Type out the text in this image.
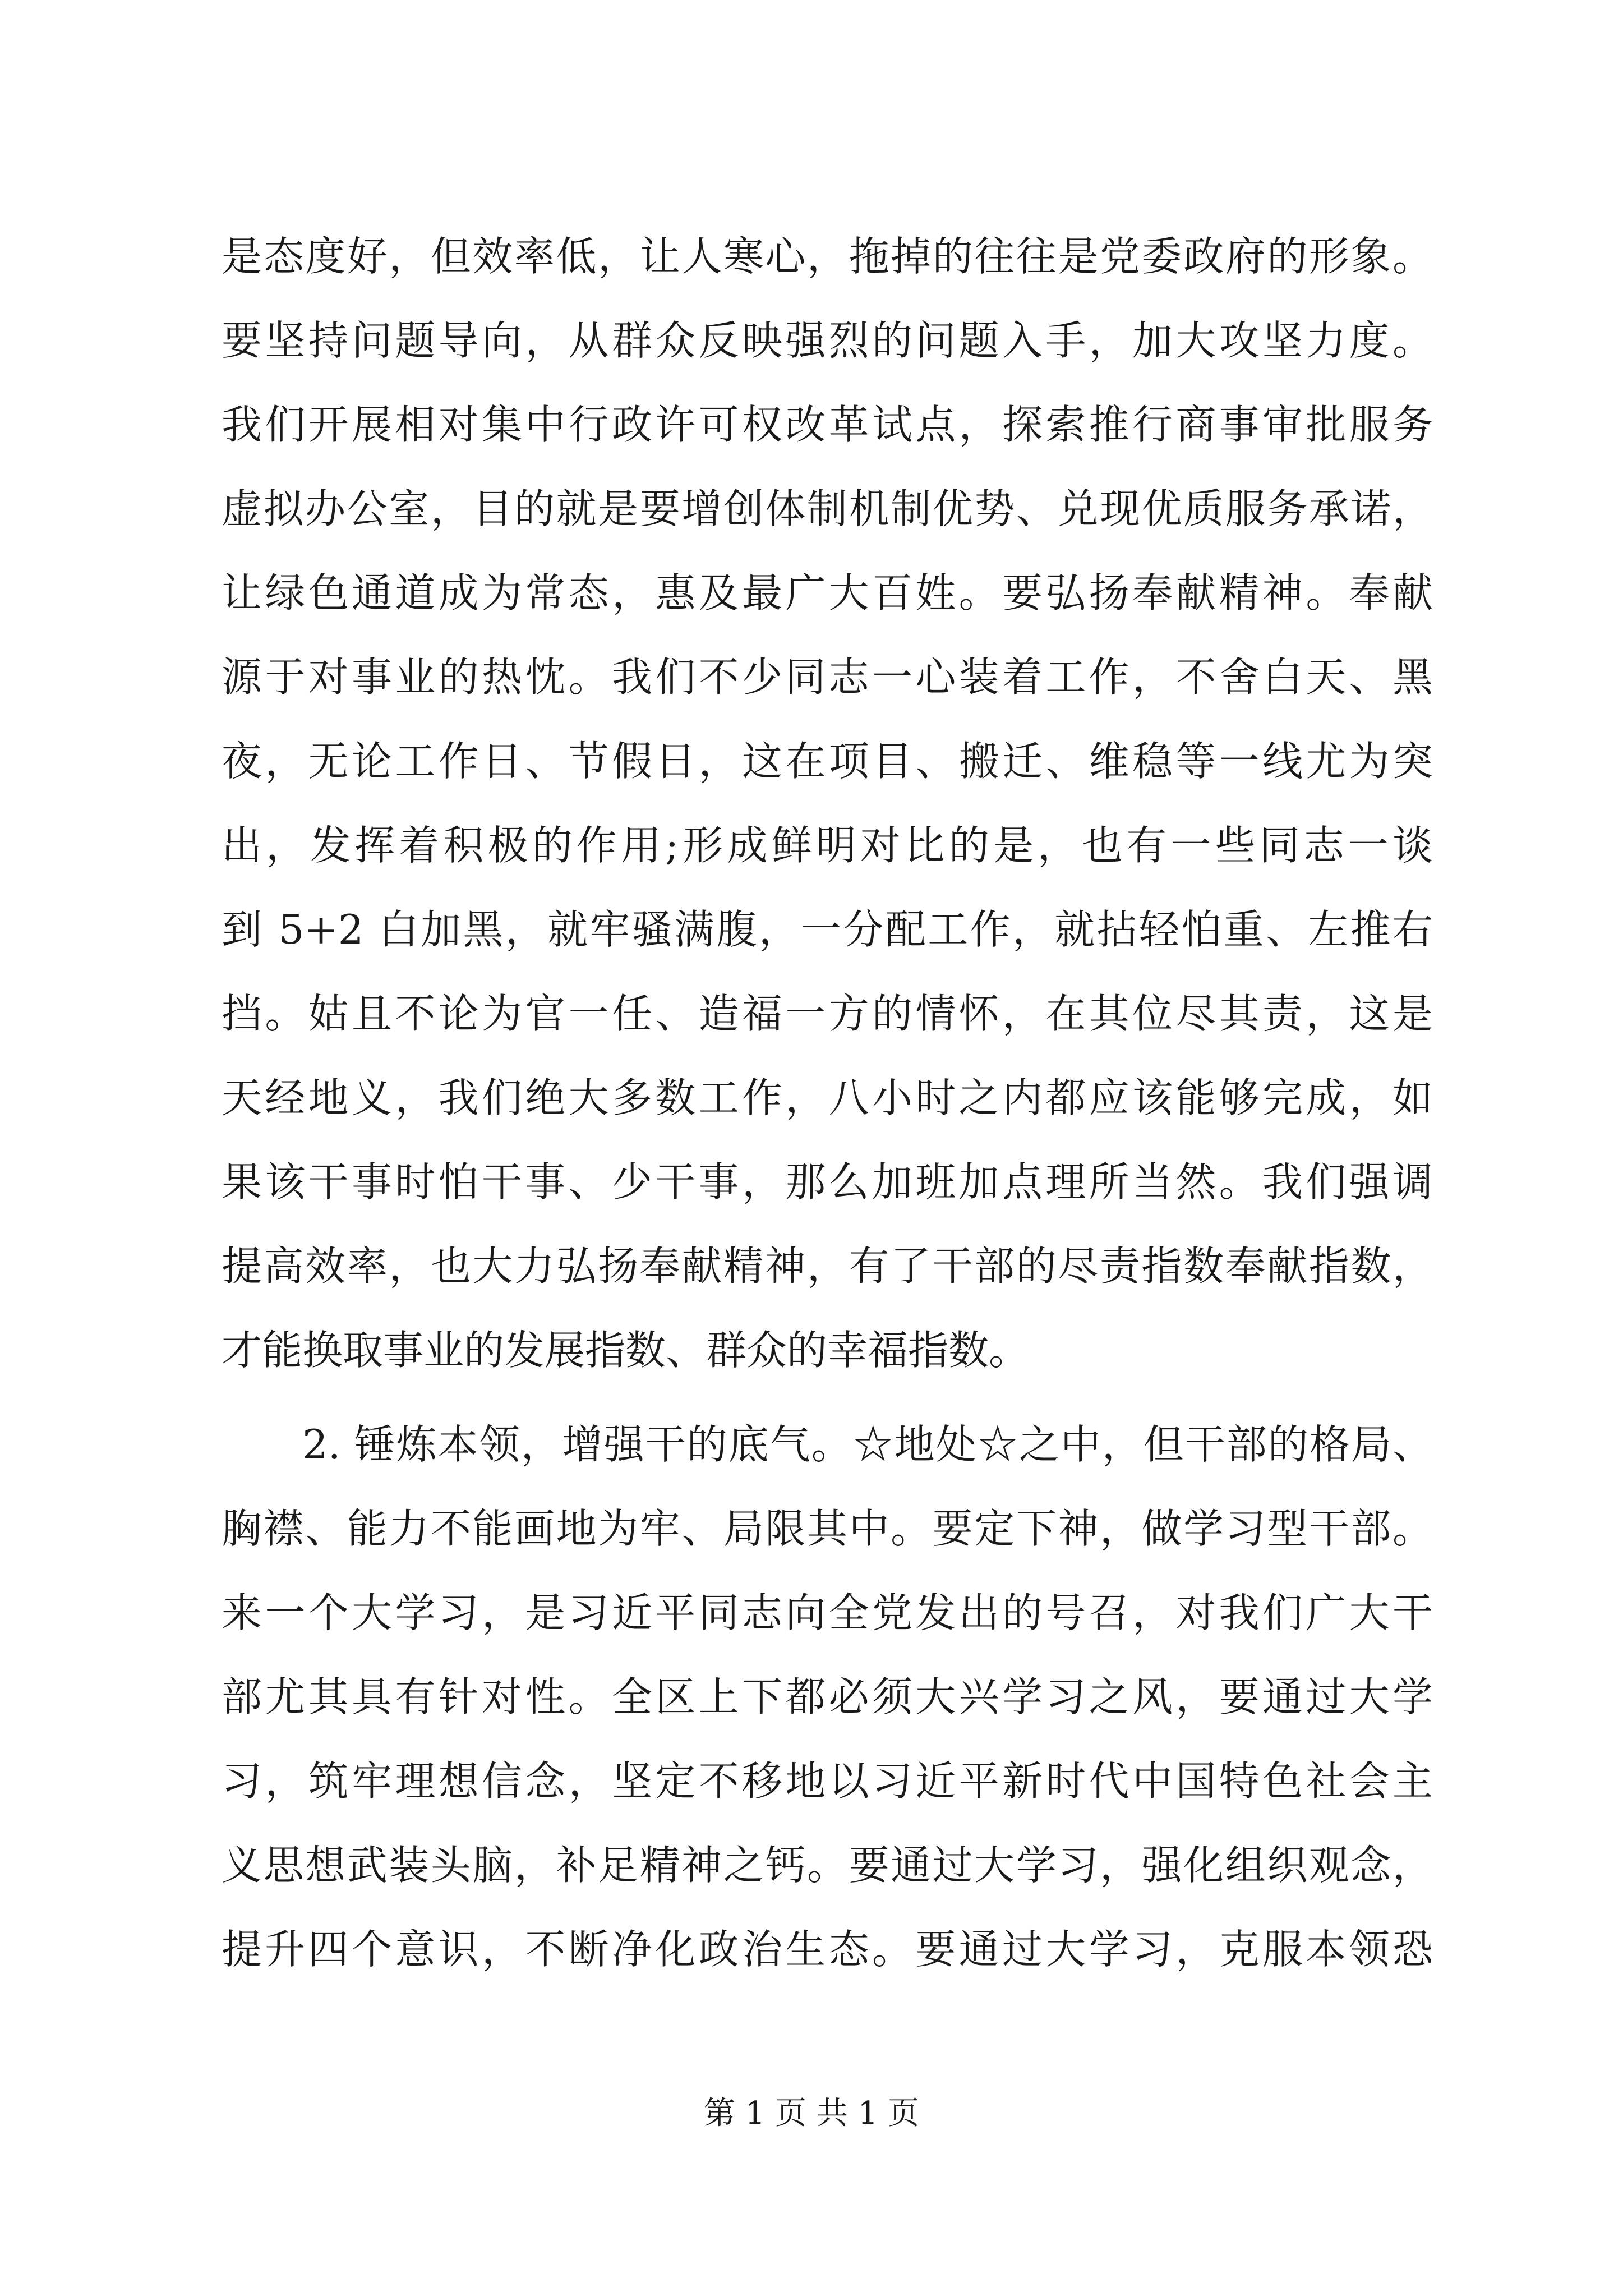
是态度好，但效率低，让人寒心，拖掉的往往是党委政府的形象。
要坚持问题导向，从群众反映强烈的问题入手，加大攻坚力度。
我们开展相对集中行政许可权改革试点，探索推行商事审批服务
虚拟办公室，目的就是要增创体制机制优势、兑现优质服务承诺，
让绿色通道成为常态，惠及最广大百姓。要弘扬奉献精神。奉献
源于对事业的热忱。我们不少同志一心装着工作，不舍白天、黑
夜，无论工作日、节假日，这在项目、搬迁、维稳等一线尤为突
出，发挥着积极的作用;形成鲜明对比的是，也有一些同志一谈
到 5+2 白加黑，就牢骚满腹，一分配工作，就拈轻怕重、左推右
挡。姑且不论为官一任、造福一方的情怀，在其位尽其责，这是
天经地义，我们绝大多数工作，八小时之内都应该能够完成，如
果该干事时怕干事、少干事，那么加班加点理所当然。我们强调
提高效率，也大力弘扬奉献精神，有了干部的尽责指数奉献指数，
才能换取事业的发展指数、群众的幸福指数。
2. 锤炼本领，增强干的底气。☆地处☆之中，但干部的格局、
胸襟、能力不能画地为牢、局限其中。要定下神，做学习型干部。
来一个大学习，是习近平同志向全党发出的号召，对我们广大干
部尤其具有针对性。全区上下都必须大兴学习之风，要通过大学
习，筑牢理想信念，坚定不移地以习近平新时代中国特色社会主
义思想武装头脑，补足精神之钙。要通过大学习，强化组织观念，
提升四个意识，不断净化政治生态。要通过大学习，克服本领恐
第 1 页 共 1 页
